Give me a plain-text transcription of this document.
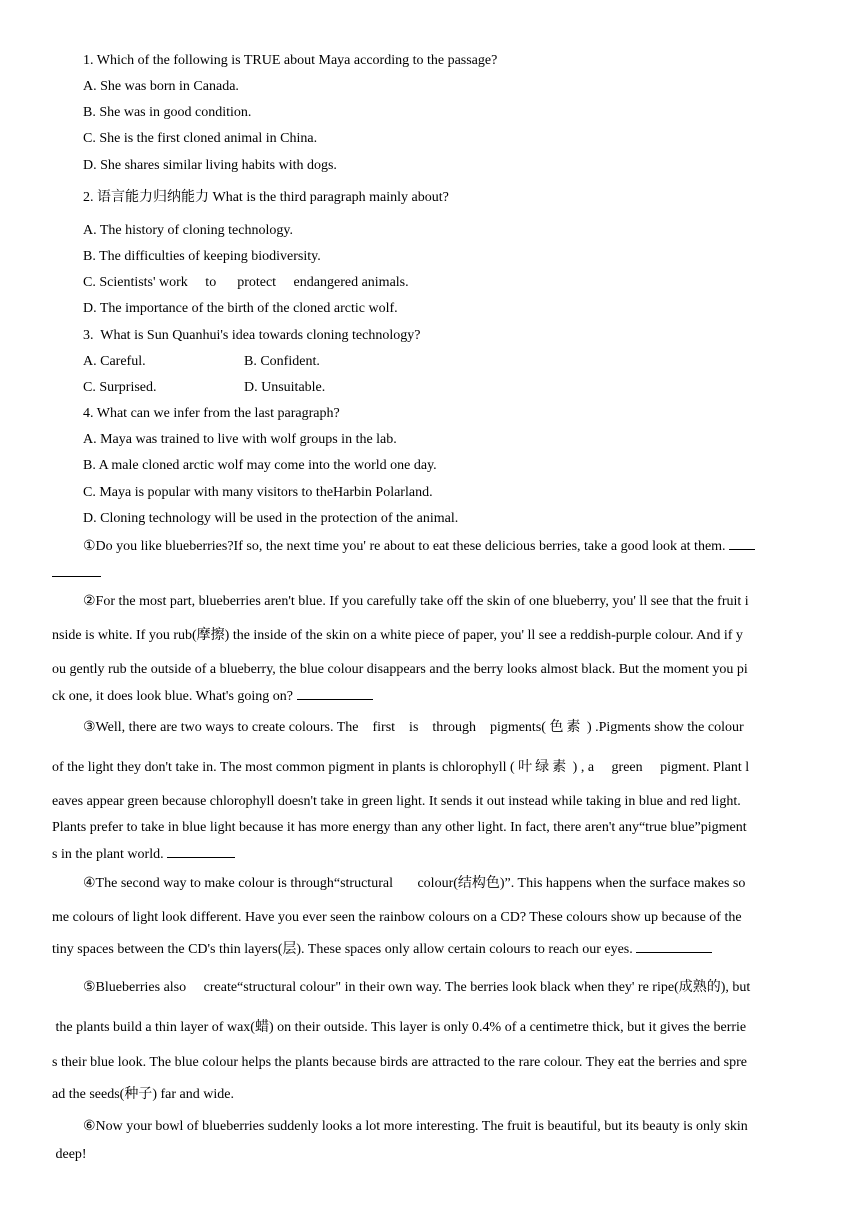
1. Which of the following is TRUE about Maya according to the passage?
A. She was born in Canada.
B. She was in good condition.
C. She is the first cloned animal in China.
D. She shares similar living habits with dogs.
2. 语言能力归纳能力 What is the third paragraph mainly about?
A. The history of cloning technology.
B. The difficulties of keeping biodiversity.
C. Scientists' work     to      protect     endangered animals.
D. The importance of the birth of the cloned arctic wolf.
3.  What is Sun Quanhui's idea towards cloning technology?
A. Careful.	B. Confident.
C. Surprised.	D. Unsuitable.
4. What can we infer from the last paragraph?
A. Maya was trained to live with wolf groups in the lab.
B. A male cloned arctic wolf may come into the world one day.
C. Maya is popular with many visitors to theHarbin Polarland.
D. Cloning technology will be used in the protection of the animal.
①Do you like blueberries?If so, the next time you' re about to eat these delicious berries, take a good look at them.
②For the most part, blueberries aren't blue. If you carefully take off the skin of one blueberry, you' ll see that the fruit i
nside is white. If you rub(摩擦) the inside of the skin on a white piece of paper, you' ll see a reddish-purple colour. And if y
ou gently rub the outside of a blueberry, the blue colour disappears and the berry looks almost black. But the moment you pi
ck one, it does look blue. What's going on?
③Well, there are two ways to create colours. The    first    is    through    pigments( 色素 ) .Pigments show the colour
of the light they don't take in. The most common pigment in plants is chlorophyll ( 叶绿素 ) , a     green     pigment. Plant l
eaves appear green because chlorophyll doesn't take in green light. It sends it out instead while taking in blue and red light.
Plants prefer to take in blue light because it has more energy than any other light. In fact, there aren't any“true blue”pigment
s in the plant world.
④The second way to make colour is through“structural       colour(结构色)”. This happens when the surface makes so
me colours of light look different. Have you ever seen the rainbow colours on a CD? These colours show up because of the
tiny spaces between the CD's thin layers(层). These spaces only allow certain colours to reach our eyes.
⑤Blueberries also     create“structural colour" in their own way. The berries look black when they' re ripe(成熟的), but
the plants build a thin layer of wax(蜡) on their outside. This layer is only 0.4% of a centimetre thick, but it gives the berrie
s their blue look. The blue colour helps the plants because birds are attracted to the rare colour. They eat the berries and spre
ad the seeds(种子) far and wide.
⑥Now your bowl of blueberries suddenly looks a lot more interesting. The fruit is beautiful, but its beauty is only skin
deep!
